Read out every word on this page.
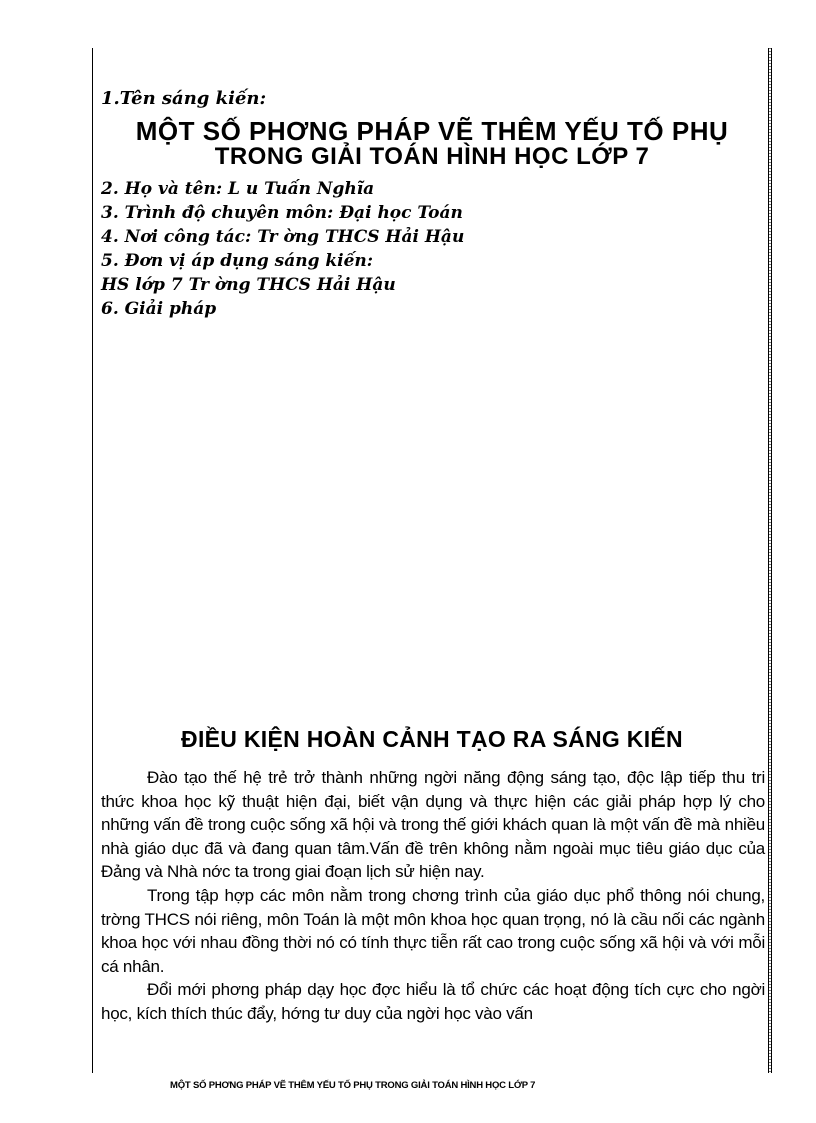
1.Tên sáng kiến:
MỘT SỐ PHƠNG PHÁP VẼ THÊM YẾU TỐ PHỤ
TRONG GIẢI TOÁN HÌNH HỌC LỚP 7
2. Họ và tên: L u Tuấn Nghĩa
3. Trình độ chuyên môn: Đại học Toán
4. Nơi công tác: Tr ờng THCS Hải Hậu
5. Đơn vị áp dụng sáng kiến:
HS lớp 7 Tr ờng THCS Hải Hậu
6. Giải pháp
ĐIỀU KIỆN HOÀN CẢNH TẠO RA SÁNG KIẾN

Đào tạo thế hệ trẻ trở thành những ngời năng động sáng tạo, độc lập tiếp thu tri thức khoa học kỹ thuật hiện đại, biết vận dụng và thực hiện các giải pháp hợp lý cho những vấn đề trong cuộc sống xã hội và trong thế giới khách quan là một vấn đề mà nhiều nhà giáo dục đã và đang quan tâm.Vấn đề trên không nằm ngoài mục tiêu giáo dục của Đảng và Nhà nớc ta trong giai đoạn lịch sử hiện nay.

Trong tập hợp các môn nằm trong chơng trình của giáo dục phổ thông nói chung, trờng THCS nói riêng, môn Toán là một môn khoa học quan trọng, nó là cầu nối các ngành khoa học với nhau đồng thời nó có tính thực tiễn rất cao trong cuộc sống xã hội và với mỗi cá nhân.

Đổi mới phơng pháp dạy học đợc hiểu là tổ chức các hoạt động tích cực cho ngời học, kích thích thúc đẩy, hớng tư duy của ngời học vào vấn

MỘT SỐ PHƠNG PHÁP VẼ THÊM YẾU TỐ PHỤ TRONG GIẢI TOÁN HÌNH HỌC LỚP 7
